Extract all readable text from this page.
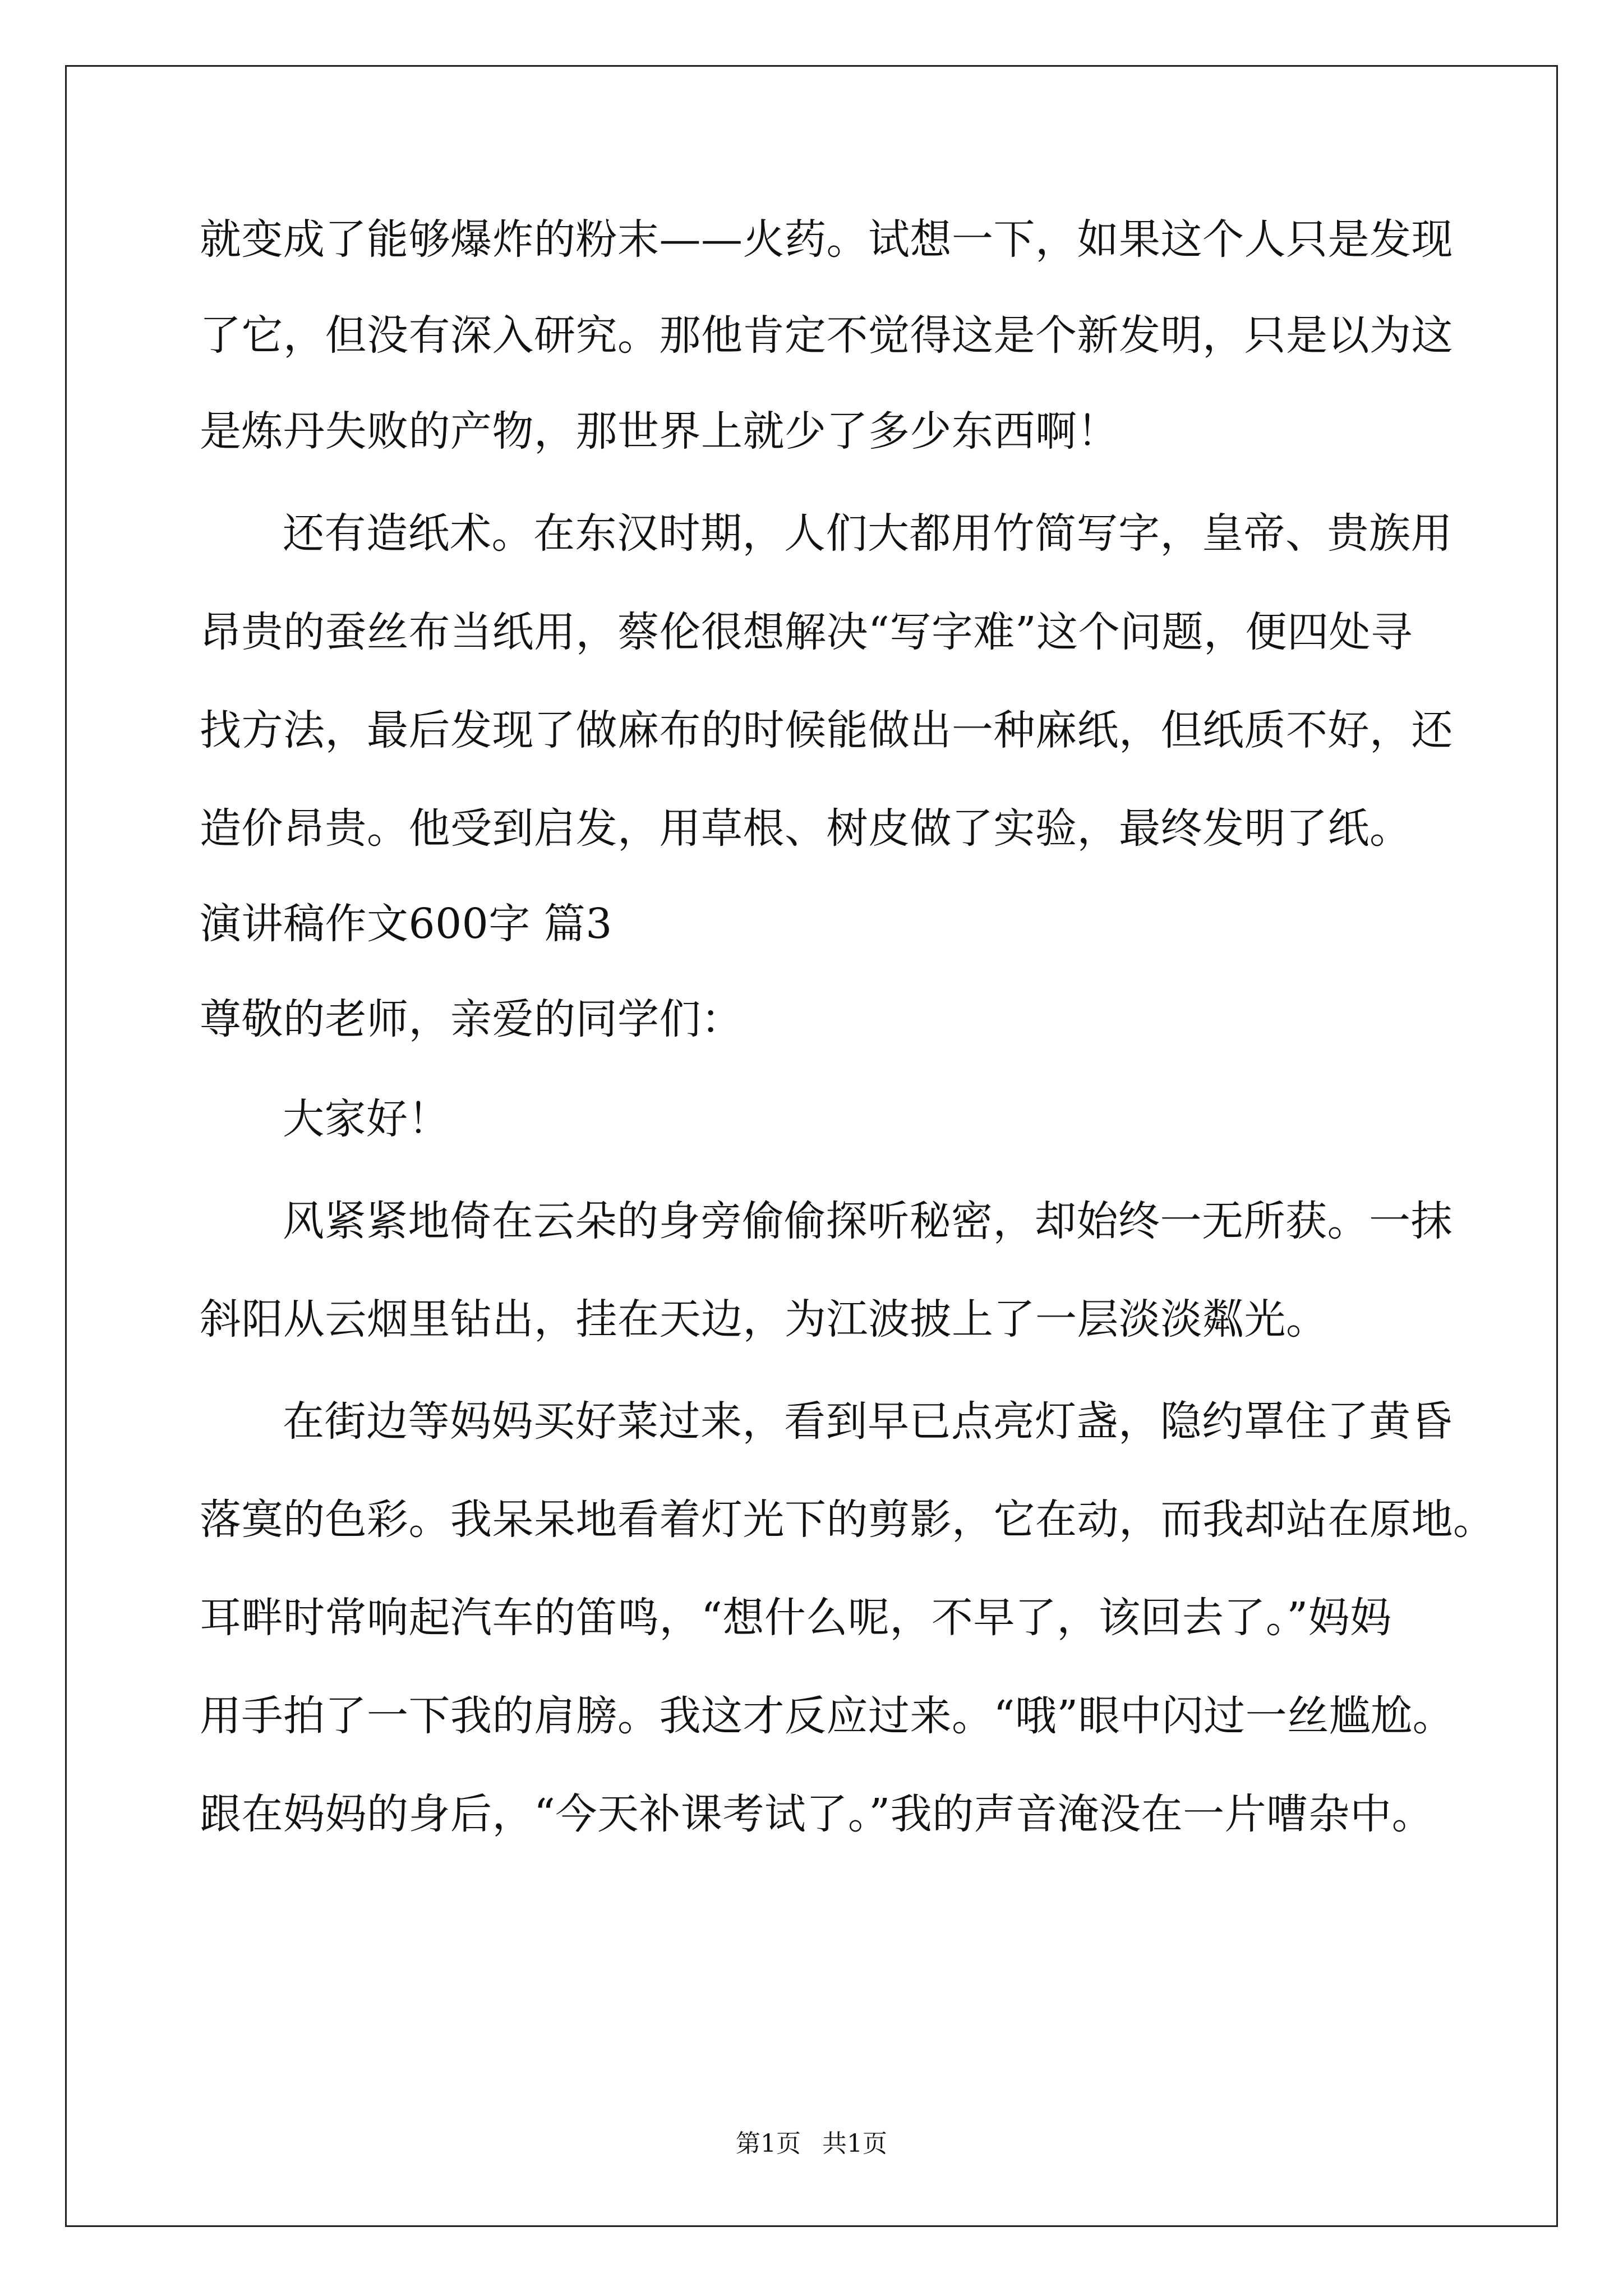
就变成了能够爆炸的粉末——火药。试想一下，如果这个人只是发现
了它，但没有深入研究。那他肯定不觉得这是个新发明，只是以为这
是炼丹失败的产物，那世界上就少了多少东西啊！
还有造纸术。在东汉时期，人们大都用竹简写字，皇帝、贵族用
昂贵的蚕丝布当纸用，蔡伦很想解决“写字难”这个问题，便四处寻
找方法，最后发现了做麻布的时候能做出一种麻纸，但纸质不好，还
造价昂贵。他受到启发，用草根、树皮做了实验，最终发明了纸。
演讲稿作文600字 篇3
尊敬的老师，亲爱的同学们：
大家好！
风紧紧地倚在云朵的身旁偷偷探听秘密，却始终一无所获。一抹
斜阳从云烟里钻出，挂在天边，为江波披上了一层淡淡粼光。
在街边等妈妈买好菜过来，看到早已点亮灯盏，隐约罩住了黄昏
落寞的色彩。我呆呆地看着灯光下的剪影，它在动，而我却站在原地。
耳畔时常响起汽车的笛鸣，“想什么呢，不早了，该回去了。”妈妈
用手拍了一下我的肩膀。我这才反应过来。“哦”眼中闪过一丝尴尬。
跟在妈妈的身后，“今天补课考试了。”我的声音淹没在一片嘈杂中。
第1页 共1页
